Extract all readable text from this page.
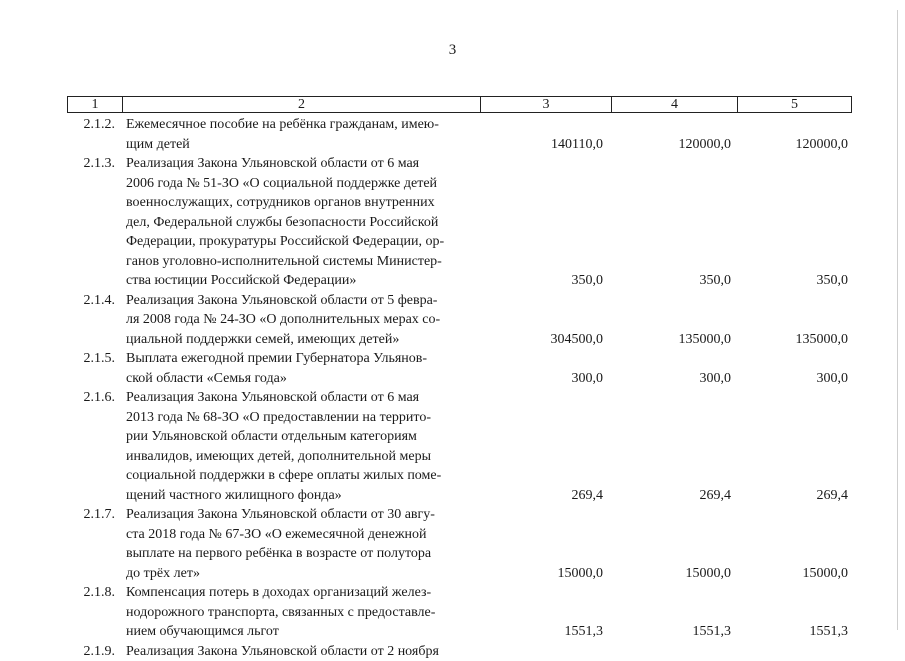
3
1	2	3	4	5
2.1.2. Ежемесячное пособие на ребёнка гражданам, имею-
щим детей	140110,0	120000,0	120000,0
2.1.3. Реализация Закона Ульяновской области от 6 мая
2006 года № 51-ЗО «О социальной поддержке детей
военнослужащих, сотрудников органов внутренних
дел, Федеральной службы безопасности Российской
Федерации, прокуратуры Российской Федерации, ор-
ганов уголовно-исполнительной системы Министер-
ства юстиции Российской Федерации»	350,0	350,0	350,0
2.1.4. Реализация Закона Ульяновской области от 5 февра-
ля 2008 года № 24-ЗО «О дополнительных мерах со-
циальной поддержки семей, имеющих детей»	304500,0	135000,0	135000,0
2.1.5. Выплата ежегодной премии Губернатора Ульянов-
ской области «Семья года»	300,0	300,0	300,0
2.1.6. Реализация Закона Ульяновской области от 6 мая
2013 года № 68-ЗО «О предоставлении на террито-
рии Ульяновской области отдельным категориям
инвалидов, имеющих детей, дополнительной меры
социальной поддержки в сфере оплаты жилых поме-
щений частного жилищного фонда»	269,4	269,4	269,4
2.1.7. Реализация Закона Ульяновской области от 30 авгу-
ста 2018 года № 67-ЗО «О ежемесячной денежной
выплате на первого ребёнка в возрасте от полутора
до трёх лет»	15000,0	15000,0	15000,0
2.1.8. Компенсация потерь в доходах организаций желез-
нодорожного транспорта, связанных с предоставле-
нием обучающимся льгот	1551,3	1551,3	1551,3
2.1.9. Реализация Закона Ульяновской области от 2 ноября
